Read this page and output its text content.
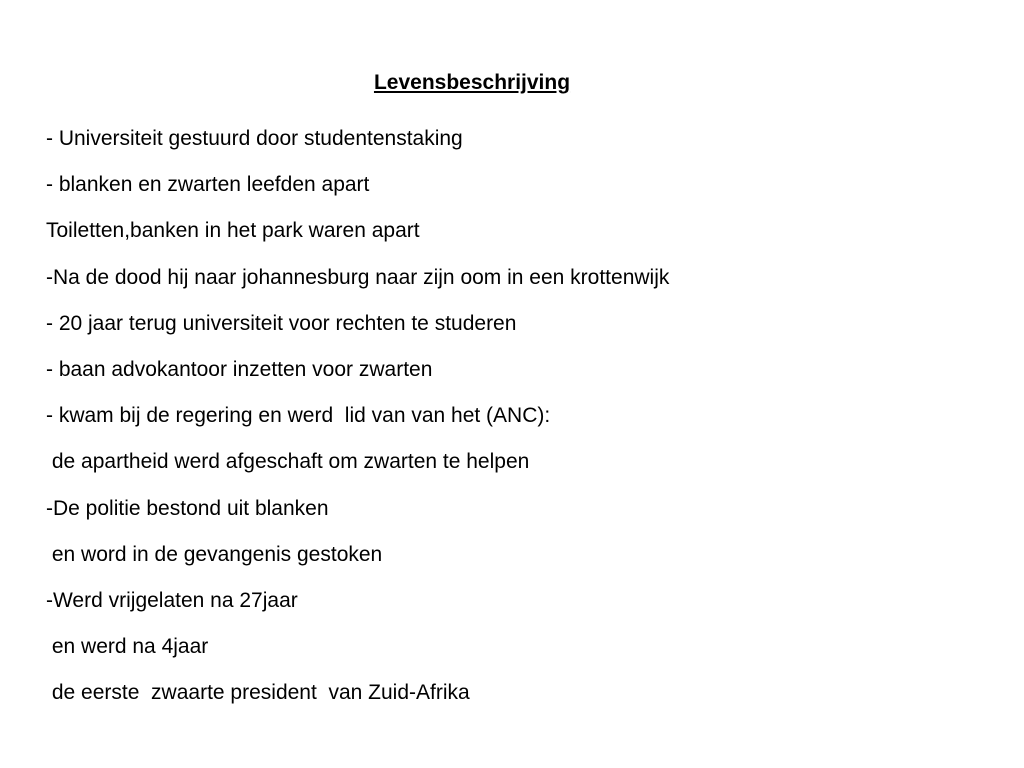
Levensbeschrijving
- Universiteit gestuurd door studentenstaking
- blanken en zwarten leefden apart
Toiletten,banken in het park waren apart
-Na de dood hij naar johannesburg naar zijn oom in een krottenwijk
- 20 jaar terug universiteit voor rechten te studeren
- baan advokantoor inzetten voor zwarten
- kwam bij de regering en werd  lid van van het (ANC):
de apartheid werd afgeschaft om zwarten te helpen
-De politie bestond uit blanken
en word in de gevangenis gestoken
-Werd vrijgelaten na 27jaar
en werd na 4jaar
de eerste  zwaarte president  van Zuid-Afrika
